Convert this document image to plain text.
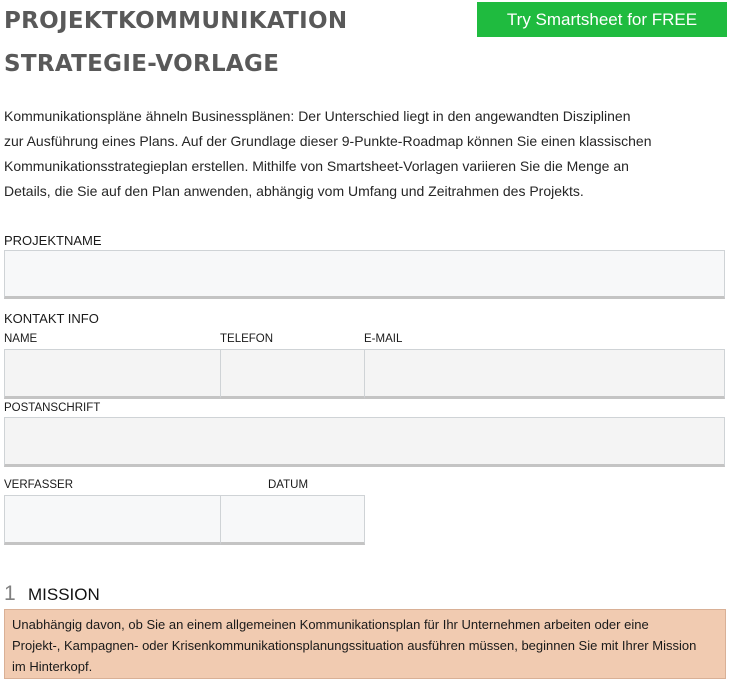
PROJEKTKOMMUNIKATION
STRATEGIE-VORLAGE
Try Smartsheet for FREE
Kommunikationspläne ähneln Businessplänen: Der Unterschied liegt in den angewandten Disziplinen
zur Ausführung eines Plans. Auf der Grundlage dieser 9-Punkte-Roadmap können Sie einen klassischen
Kommunikationsstrategieplan erstellen. Mithilfe von Smartsheet-Vorlagen variieren Sie die Menge an
Details, die Sie auf den Plan anwenden, abhängig vom Umfang und Zeitrahmen des Projekts.
PROJEKTNAME
KONTAKT INFO
NAME	TELEFON	E-MAIL
POSTANSCHRIFT
VERFASSER	DATUM
1 MISSION
Unabhängig davon, ob Sie an einem allgemeinen Kommunikationsplan für Ihr Unternehmen arbeiten oder eine
Projekt-, Kampagnen- oder Krisenkommunikationsplanungssituation ausführen müssen, beginnen Sie mit Ihrer Mission
im Hinterkopf.
